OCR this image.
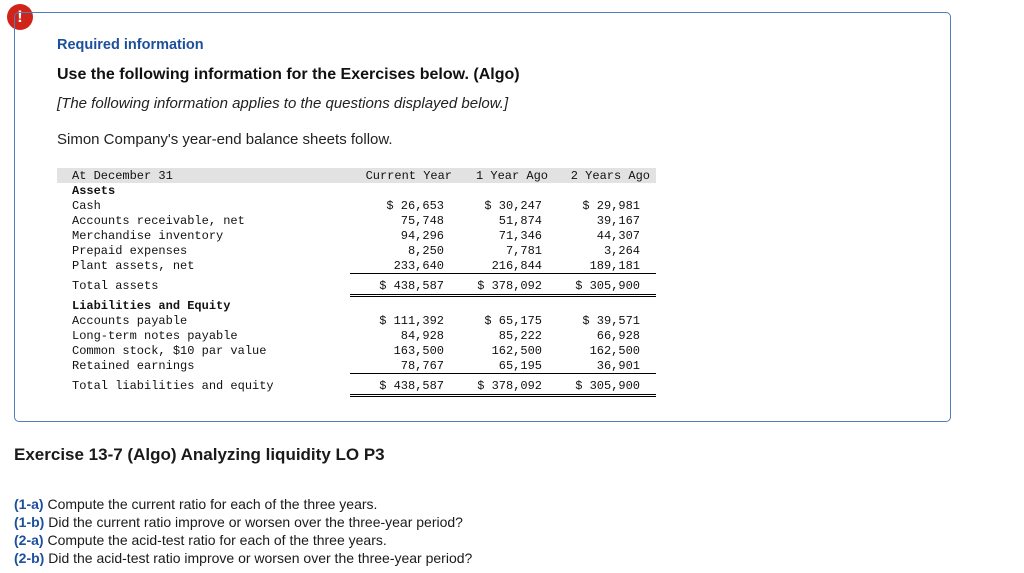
!
Required information
Use the following information for the Exercises below. (Algo)
[The following information applies to the questions displayed below.]
Simon Company's year-end balance sheets follow.
At December 31	Current Year	1 Year Ago	2 Years Ago
Assets
Cash	$ 26,653	$ 30,247	$ 29,981
Accounts receivable, net	75,748	51,874	39,167
Merchandise inventory	94,296	71,346	44,307
Prepaid expenses	8,250	7,781	3,264
Plant assets, net	233,640	216,844	189,181
Total assets	$ 438,587	$ 378,092	$ 305,900
Liabilities and Equity
Accounts payable	$ 111,392	$ 65,175	$ 39,571
Long-term notes payable	84,928	85,222	66,928
Common stock, $10 par value	163,500	162,500	162,500
Retained earnings	78,767	65,195	36,901
Total liabilities and equity	$ 438,587	$ 378,092	$ 305,900
Exercise 13-7 (Algo) Analyzing liquidity LO P3
(1-a) Compute the current ratio for each of the three years.
(1-b) Did the current ratio improve or worsen over the three-year period?
(2-a) Compute the acid-test ratio for each of the three years.
(2-b) Did the acid-test ratio improve or worsen over the three-year period?
